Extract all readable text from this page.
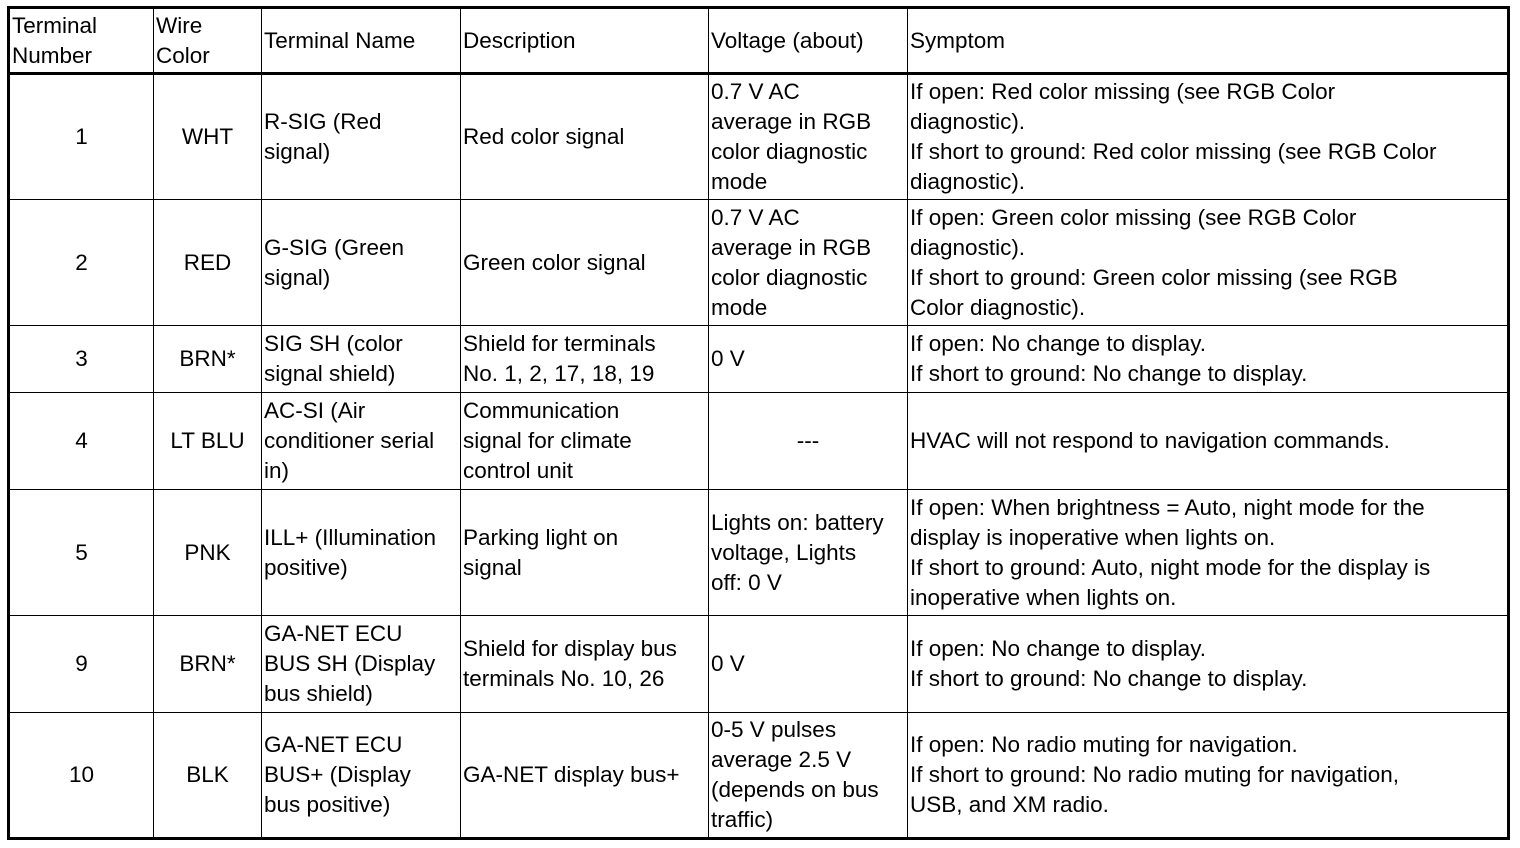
Terminal
Number	Wire
Color	Terminal Name	Description	Voltage (about)	Symptom

1	WHT	R-SIG (Red
signal)	Red color signal	0.7 V AC
average in RGB
color diagnostic
mode	If open: Red color missing (see RGB Color
diagnostic).
If short to ground: Red color missing (see RGB Color
diagnostic).

2	RED	G-SIG (Green
signal)	Green color signal	0.7 V AC
average in RGB
color diagnostic
mode	If open: Green color missing (see RGB Color
diagnostic).
If short to ground: Green color missing (see RGB
Color diagnostic).

3	BRN*	SIG SH (color
signal shield)	Shield for terminals
No. 1, 2, 17, 18, 19	0 V	If open: No change to display.
If short to ground: No change to display.

4	LT BLU	AC-SI (Air
conditioner serial
in)	Communication
signal for climate
control unit	---	HVAC will not respond to navigation commands.

5	PNK	ILL+ (Illumination
positive)	Parking light on
signal	Lights on: battery
voltage, Lights
off: 0 V	If open: When brightness = Auto, night mode for the
display is inoperative when lights on.
If short to ground: Auto, night mode for the display is
inoperative when lights on.

9	BRN*	GA-NET ECU
BUS SH (Display
bus shield)	Shield for display bus
terminals No. 10, 26	0 V	If open: No change to display.
If short to ground: No change to display.

10	BLK	GA-NET ECU
BUS+ (Display
bus positive)	GA-NET display bus+	0-5 V pulses
average 2.5 V
(depends on bus
traffic)	If open: No radio muting for navigation.
If short to ground: No radio muting for navigation,
USB, and XM radio.
